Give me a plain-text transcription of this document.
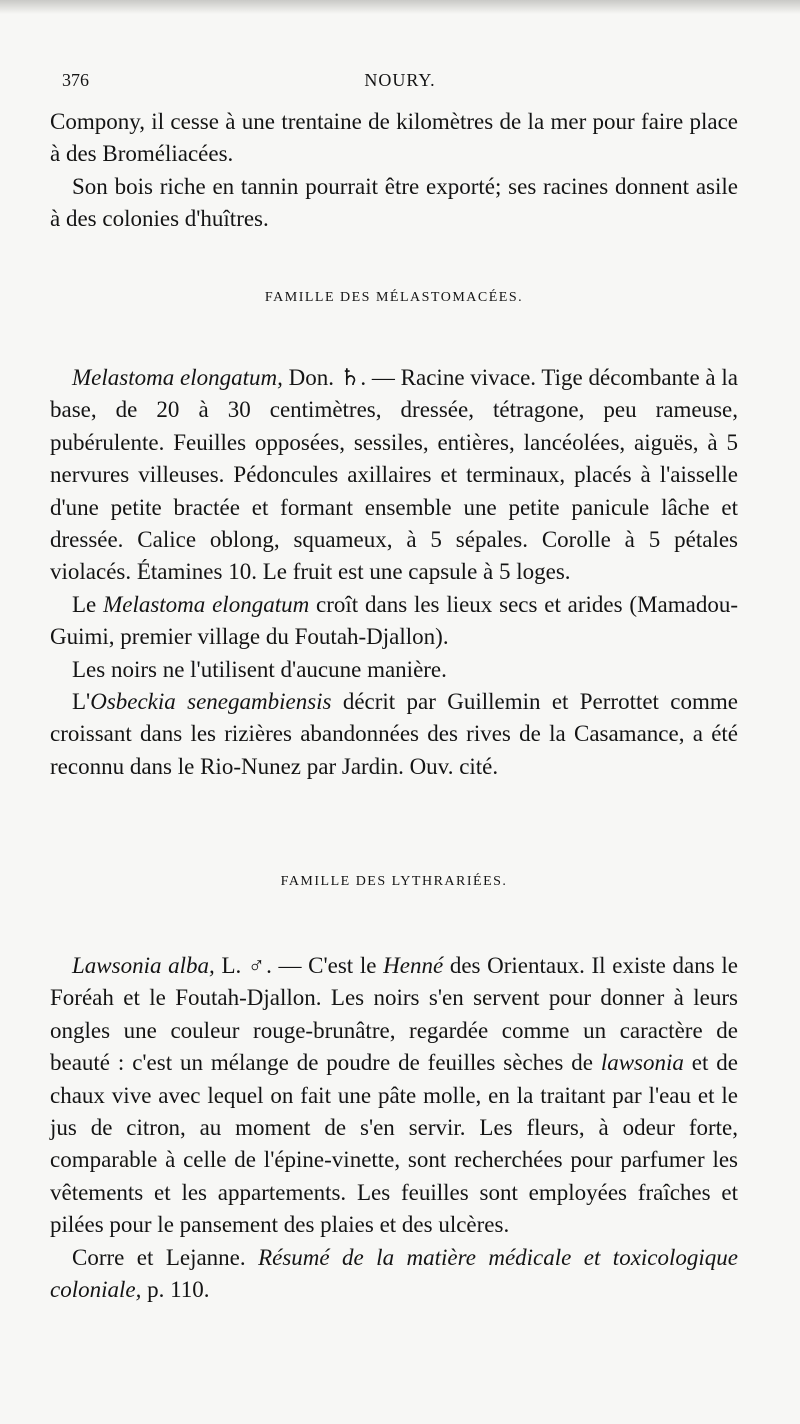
376	NOURY.

Compony, il cesse à une trentaine de kilomètres de la mer pour faire place à des Broméliacées.

Son bois riche en tannin pourrait être exporté; ses racines donnent asile à des colonies d'huîtres.

FAMILLE DES MÉLASTOMACÉES.

Melastoma elongatum, Don. ♄. — Racine vivace. Tige décombante à la base, de 20 à 30 centimètres, dressée, tétragone, peu rameuse, pubérulente. Feuilles opposées, sessiles, entières, lancéolées, aiguës, à 5 nervures villeuses. Pédoncules axillaires et terminaux, placés à l'aisselle d'une petite bractée et formant ensemble une petite panicule lâche et dressée. Calice oblong, squameux, à 5 sépales. Corolle à 5 pétales violacés. Étamines 10. Le fruit est une capsule à 5 loges.

Le Melastoma elongatum croît dans les lieux secs et arides (Mamadou-Guimi, premier village du Foutah-Djallon).

Les noirs ne l'utilisent d'aucune manière.

L'Osbeckia senegambiensis décrit par Guillemin et Perrottet comme croissant dans les rizières abandonnées des rives de la Casamance, a été reconnu dans le Rio-Nunez par Jardin. Ouv. cité.

FAMILLE DES LYTHRARIÉES.

Lawsonia alba, L. ♂. — C'est le Henné des Orientaux. Il existe dans le Foréah et le Foutah-Djallon. Les noirs s'en servent pour donner à leurs ongles une couleur rouge-brunâtre, regardée comme un caractère de beauté : c'est un mélange de poudre de feuilles sèches de lawsonia et de chaux vive avec lequel on fait une pâte molle, en la traitant par l'eau et le jus de citron, au moment de s'en servir. Les fleurs, à odeur forte, comparable à celle de l'épine-vinette, sont recherchées pour parfumer les vêtements et les appartements. Les feuilles sont employées fraîches et pilées pour le pansement des plaies et des ulcères.

Corre et Lejanne. Résumé de la matière médicale et toxicologique coloniale, p. 110.
